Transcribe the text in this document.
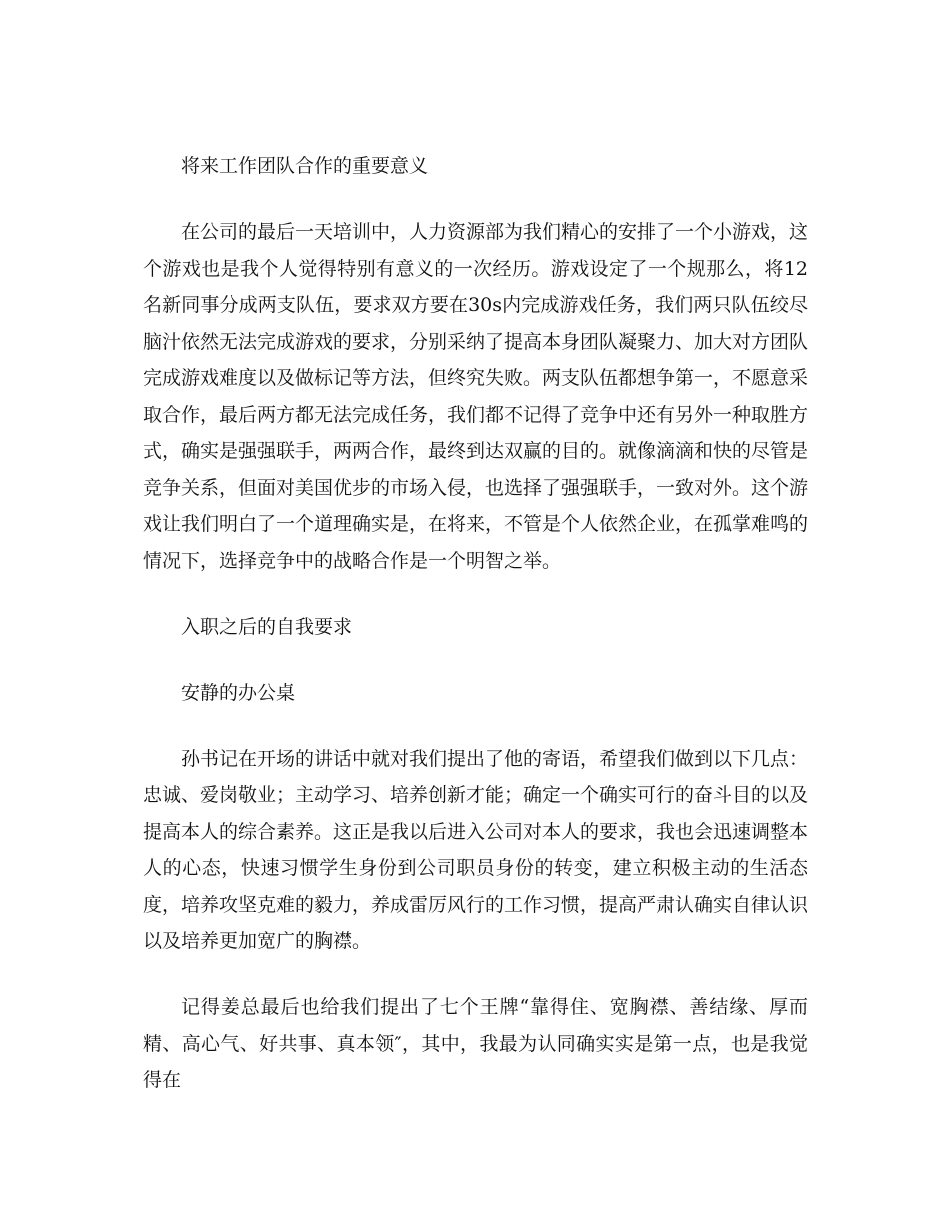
将来工作团队合作的重要意义

在公司的最后一天培训中，人力资源部为我们精心的安排了一个小游戏，这个游戏也是我个人觉得特别有意义的一次经历。游戏设定了一个规那么，将12名新同事分成两支队伍，要求双方要在30s内完成游戏任务，我们两只队伍绞尽脑汁依然无法完成游戏的要求，分别采纳了提高本身团队凝聚力、加大对方团队完成游戏难度以及做标记等方法，但终究失败。两支队伍都想争第一，不愿意采取合作，最后两方都无法完成任务，我们都不记得了竞争中还有另外一种取胜方式，确实是强强联手，两两合作，最终到达双赢的目的。就像滴滴和快的尽管是竞争关系，但面对美国优步的市场入侵，也选择了强强联手，一致对外。这个游戏让我们明白了一个道理确实是，在将来，不管是个人依然企业，在孤掌难鸣的情况下，选择竞争中的战略合作是一个明智之举。

入职之后的自我要求

安静的办公桌

孙书记在开场的讲话中就对我们提出了他的寄语，希望我们做到以下几点：忠诚、爱岗敬业；主动学习、培养创新才能；确定一个确实可行的奋斗目的以及提高本人的综合素养。这正是我以后进入公司对本人的要求，我也会迅速调整本人的心态，快速习惯学生身份到公司职员身份的转变，建立积极主动的生活态度，培养攻坚克难的毅力，养成雷厉风行的工作习惯，提高严肃认确实自律认识以及培养更加宽广的胸襟。

记得姜总最后也给我们提出了七个王牌“靠得住、宽胸襟、善结缘、厚而精、高心气、好共事、真本领″，其中，我最为认同确实实是第一点，也是我觉得在
